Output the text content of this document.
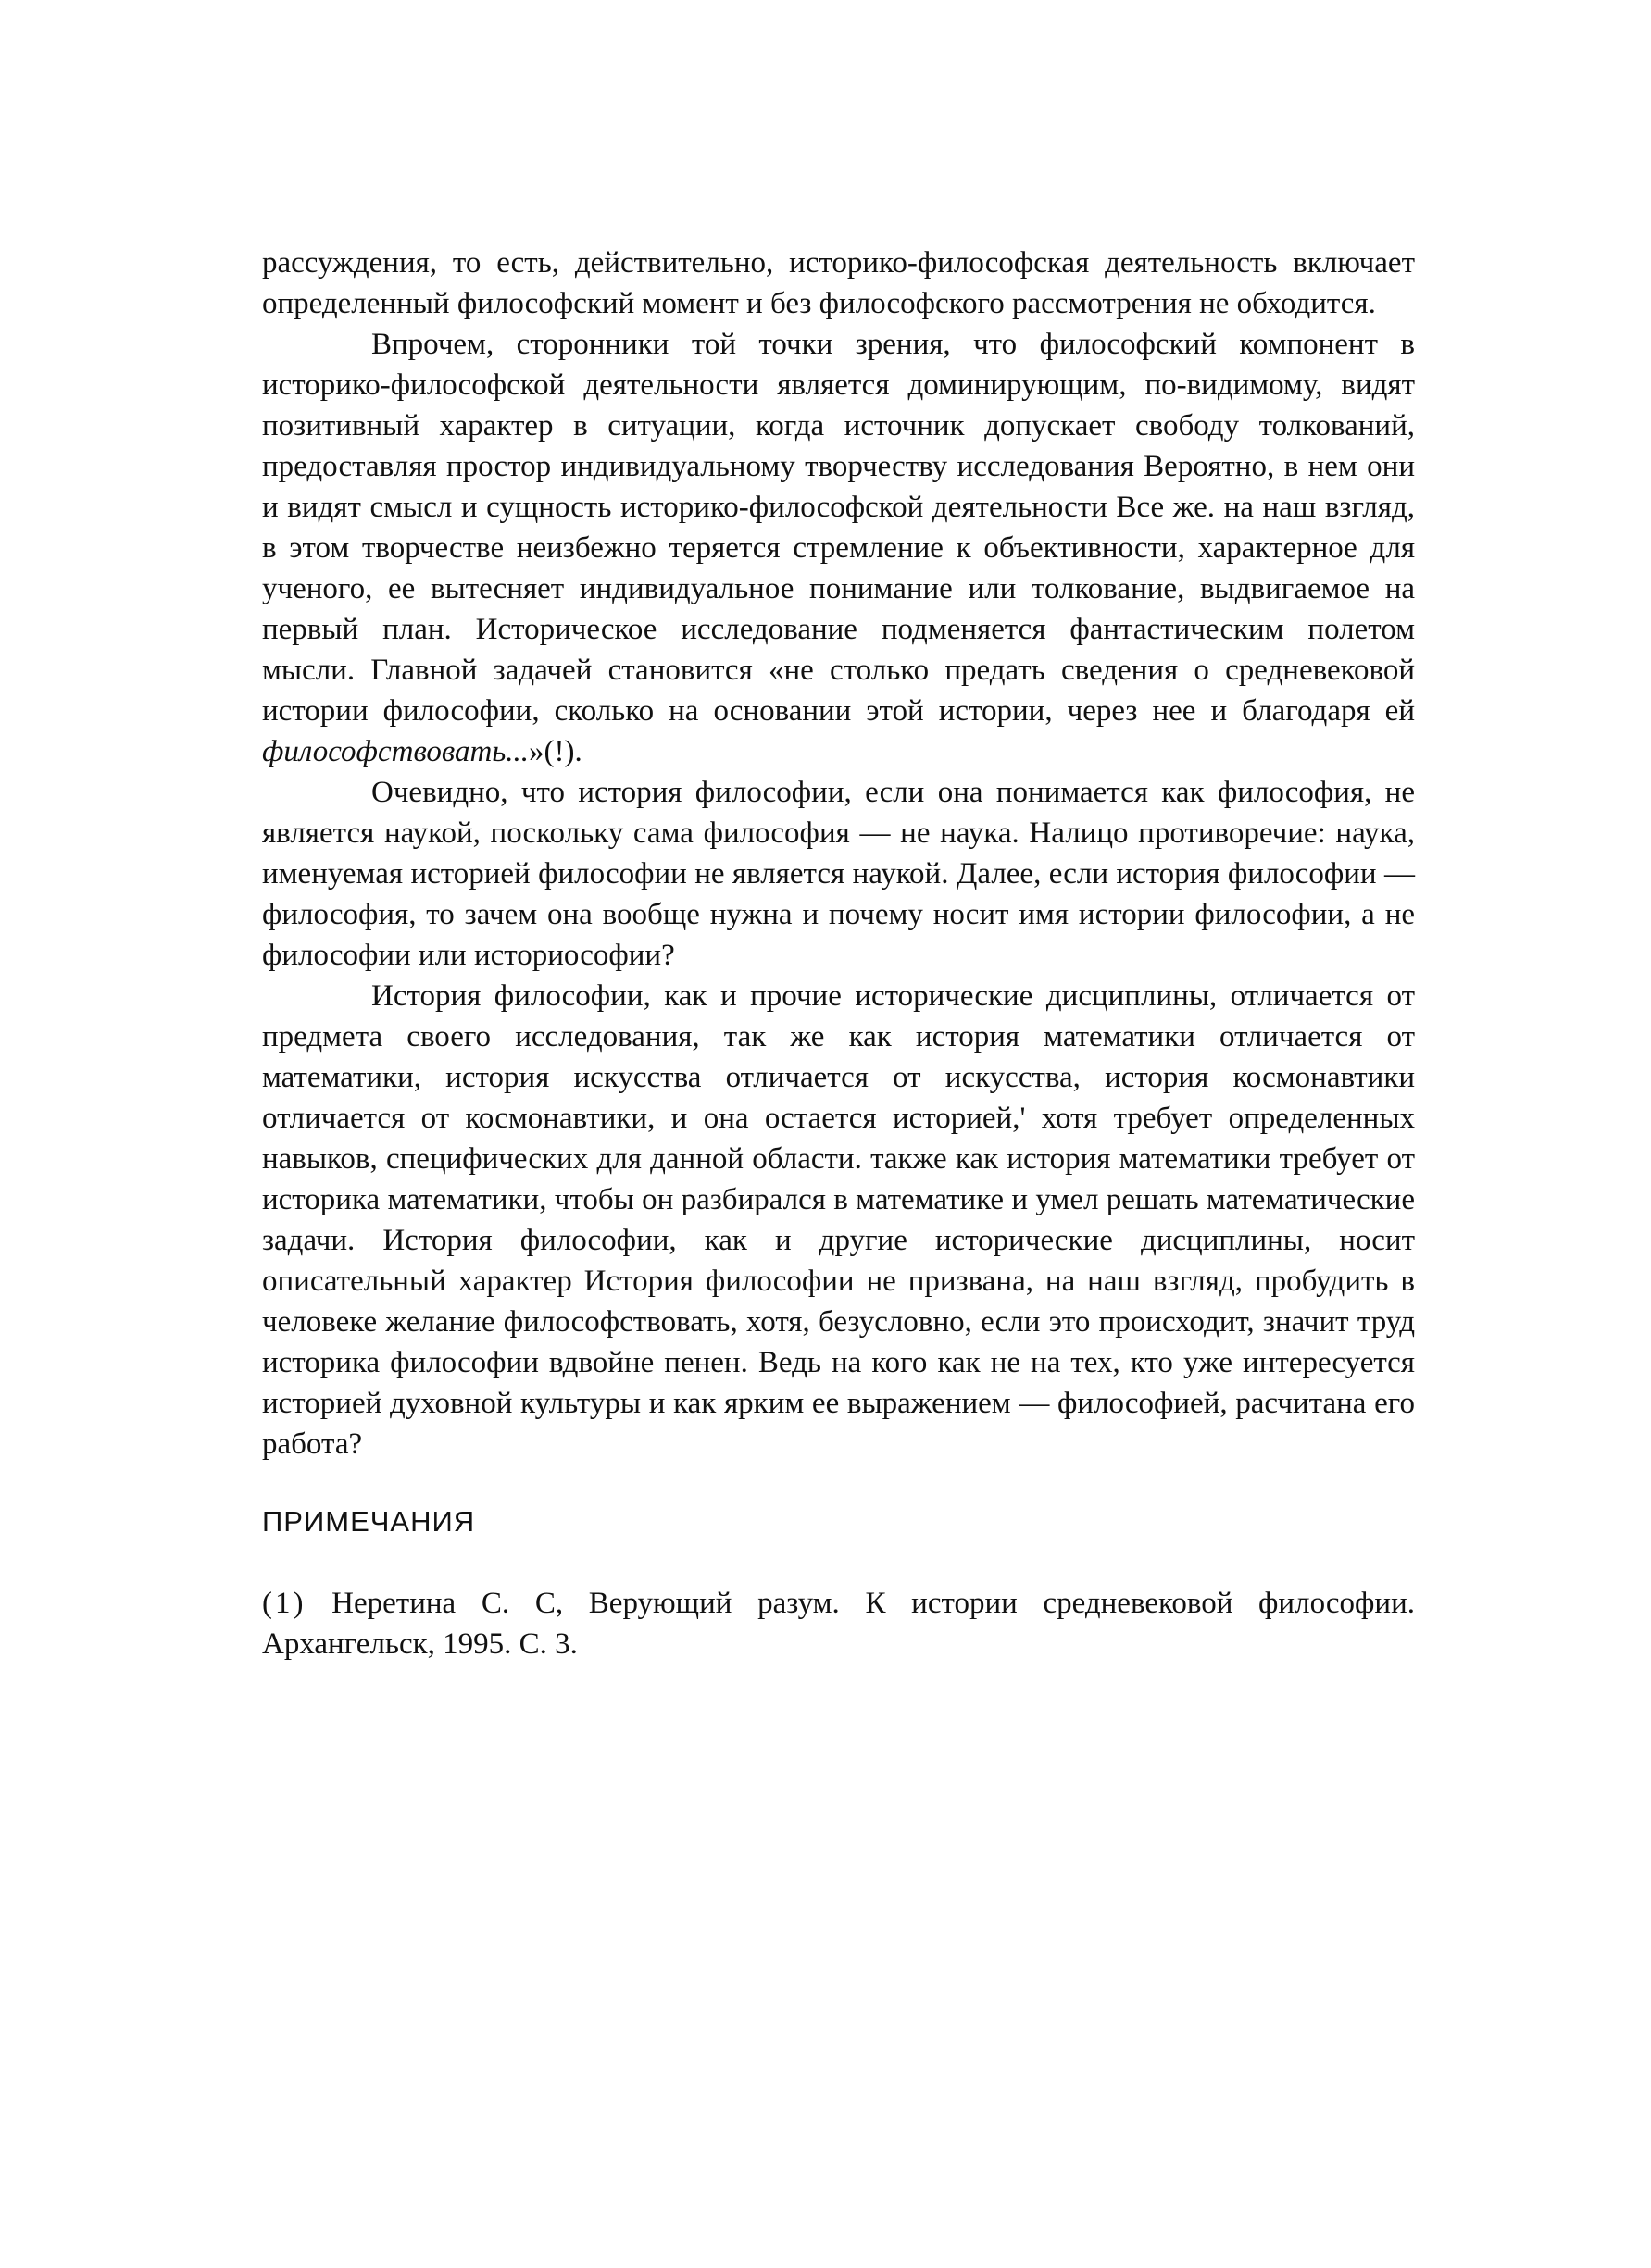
рассуждения, то есть, действительно, историко-философская деятельность включает определенный философский момент и без философского рассмотрения не обходится.

Впрочем, сторонники той точки зрения, что философский компонент в историко-философской деятельности является доминирующим, по-видимому, видят позитивный характер в ситуации, когда источник допускает свободу толкований, предоставляя простор индивидуальному творчеству исследования Вероятно, в нем они и видят смысл и сущность историко-философской деятельности Все же. на наш взгляд, в этом творчестве неизбежно теряется стремление к объективности, характерное для ученого, ее вытесняет индивидуальное понимание или толкование, выдвигаемое на первый план. Историческое исследование подменяется фантастическим полетом мысли. Главной задачей становится «не столько предать сведения о средневековой истории философии, сколько на основании этой истории, через нее и благодаря ей философствовать...»(!).

Очевидно, что история философии, если она понимается как философия, не является наукой, поскольку сама философия — не наука. Налицо противоречие: наука, именуемая историей философии не является наукой. Далее, если история философии — философия, то зачем она вообще нужна и почему носит имя истории философии, а не философии или историософии?

История философии, как и прочие исторические дисциплины, отличается от предмета своего исследования, так же как история математики отличается от математики, история искусства отличается от искусства, история космонавтики отличается от космонавтики, и она остается историей,' хотя требует определенных навыков, специфических для данной области. также как история математики требует от историка математики, чтобы он разбирался в математике и умел решать математические задачи. История философии, как и другие исторические дисциплины, носит описательный характер История философии не призвана, на наш взгляд, пробудить в человеке желание философствовать, хотя, безусловно, если это происходит, значит труд историка философии вдвойне пенен. Ведь на кого как не на тех, кто уже интересуется историей духовной культуры и как ярким ее выражением — философией, расчитана его работа?

ПРИМЕЧАНИЯ

(1) Неретина С. С, Верующий разум. К истории средневековой философии. Архангельск, 1995. С. 3.
